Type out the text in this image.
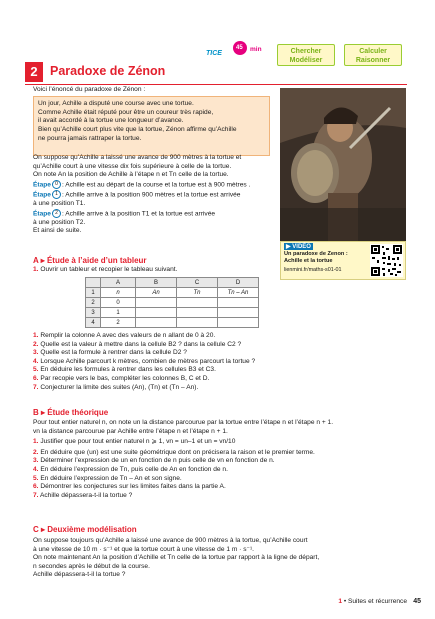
TICE
45 min	Chercher
Modéliser
Calculer
Raisonner
2 Paradoxe de Zénon
Voici l’énoncé du paradoxe de Zénon :
Un jour, Achille a disputé une course avec une tortue.
Comme Achille était réputé pour être un coureur très rapide,
il avait accordé à la tortue une longueur d’avance.
Bien qu’Achille court plus vite que la tortue, Zénon affirme qu’Achille
ne pourra jamais rattraper la tortue.
On suppose qu’Achille a laissé une avance de 900 mètres à la tortue et
qu’Achille court à une vitesse dix fois supérieure à celle de la tortue.
On note An la position de Achille à l’étape n et Tn celle de la tortue.
Étape 0 : Achille est au départ de la course et la tortue est à 900 mètres .
Étape 1 : Achille arrive à la position 900 mètres et la tortue est arrivée
à une position T1.
Étape 2 : Achille arrive à la position T1 et la tortue est arrivée
à une position T2.
Et ainsi de suite.
▶ VIDÉO
Un paradoxe de Zenon : Achille et la tortue
lienmini.fr/maths-s01-01
A ▸ Étude à l’aide d’un tableur
1. Ouvrir un tableur et recopier le tableau suivant.
	A	B	C	D
1	n	An	Tn	Tn – An
2	0			
3	1			
4	2			
1. Remplir la colonne A avec des valeurs de n allant de 0 à 20.
2. Quelle est la valeur à mettre dans la cellule B2 ? dans la cellule C2 ?
3. Quelle est la formule à rentrer dans la cellule D2 ?
4. Lorsque Achille parcourt k mètres, combien de mètres parcourt la tortue ?
5. En déduire les formules à rentrer dans les cellules B3 et C3.
6. Par recopie vers le bas, compléter les colonnes B, C et D.
7. Conjecturer la limite des suites (An), (Tn) et (Tn – An).
B ▸ Étude théorique
Pour tout entier naturel n, on note un la distance parcourue par la tortue entre l’étape n et l’étape n + 1.
vn la distance parcourue par Achille entre l’étape n et l’étape n + 1.
1. Justifier que pour tout entier naturel n ⩾ 1, vn = un–1 et un = vn/10
2. En déduire que (un) est une suite géométrique dont on précisera la raison et le premier terme.
3. Déterminer l’expression de un en fonction de n puis celle de vn en fonction de n.
4. En déduire l’expression de Tn, puis celle de An en fonction de n.
5. En déduire l’expression de Tn – An et son signe.
6. Démontrer les conjectures sur les limites faites dans la partie A.
7. Achille dépassera-t-il la tortue ?
C ▸ Deuxième modélisation
On suppose toujours qu’Achille a laissé une avance de 900 mètres à la tortue, qu’Achille court
à une vitesse de 10 m · s⁻¹ et que la tortue court à une vitesse de 1 m · s⁻¹.
On note maintenant An la position d’Achille et Tn celle de la tortue par rapport à la ligne de départ,
n secondes après le début de la course.
Achille dépassera-t-il la tortue ?
1 • Suites et récurrence 45
